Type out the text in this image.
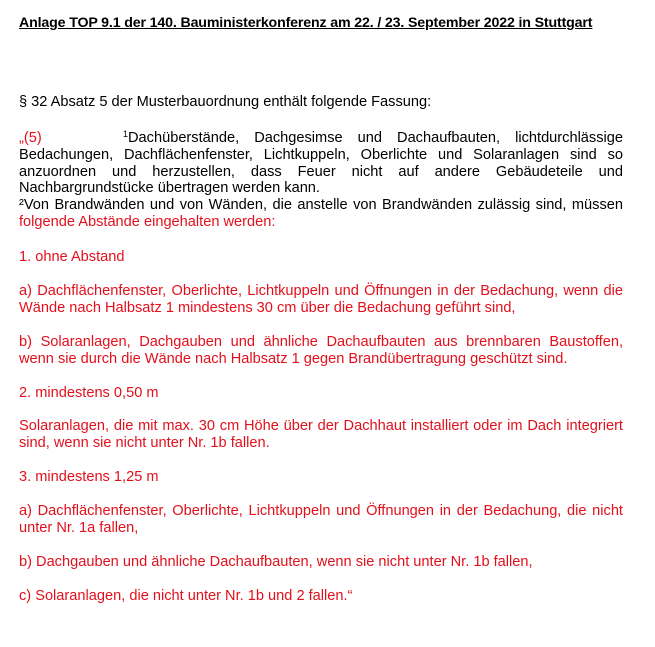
Anlage TOP 9.1 der 140. Bauministerkonferenz am 22. / 23. September 2022 in Stuttgart
§ 32 Absatz 5 der Musterbauordnung enthält folgende Fassung:
„(5)	$^1$Dachüberstände, Dachgesimse und Dachaufbauten, lichtdurchlässige Bedachungen, Dachflächenfenster, Lichtkuppeln, Oberlichte und Solaranlagen sind so anzuordnen und herzustellen, dass Feuer nicht auf andere Gebäudeteile und Nachbargrundstücke übertragen werden kann.
²Von Brandwänden und von Wänden, die anstelle von Brandwänden zulässig sind, müssen folgende Abstände eingehalten werden:
1. ohne Abstand
a) Dachflächenfenster, Oberlichte, Lichtkuppeln und Öffnungen in der Bedachung, wenn die Wände nach Halbsatz 1 mindestens 30 cm über die Bedachung geführt sind,
b) Solaranlagen, Dachgauben und ähnliche Dachaufbauten aus brennbaren Baustoffen, wenn sie durch die Wände nach Halbsatz 1 gegen Brandübertragung geschützt sind.
2. mindestens 0,50 m
Solaranlagen, die mit max. 30 cm Höhe über der Dachhaut installiert oder im Dach integriert sind, wenn sie nicht unter Nr. 1b fallen.
3. mindestens 1,25 m
a) Dachflächenfenster, Oberlichte, Lichtkuppeln und Öffnungen in der Bedachung, die nicht unter Nr. 1a fallen,
b) Dachgauben und ähnliche Dachaufbauten, wenn sie nicht unter Nr. 1b fallen,
c) Solaranlagen, die nicht unter Nr. 1b und 2 fallen.“
